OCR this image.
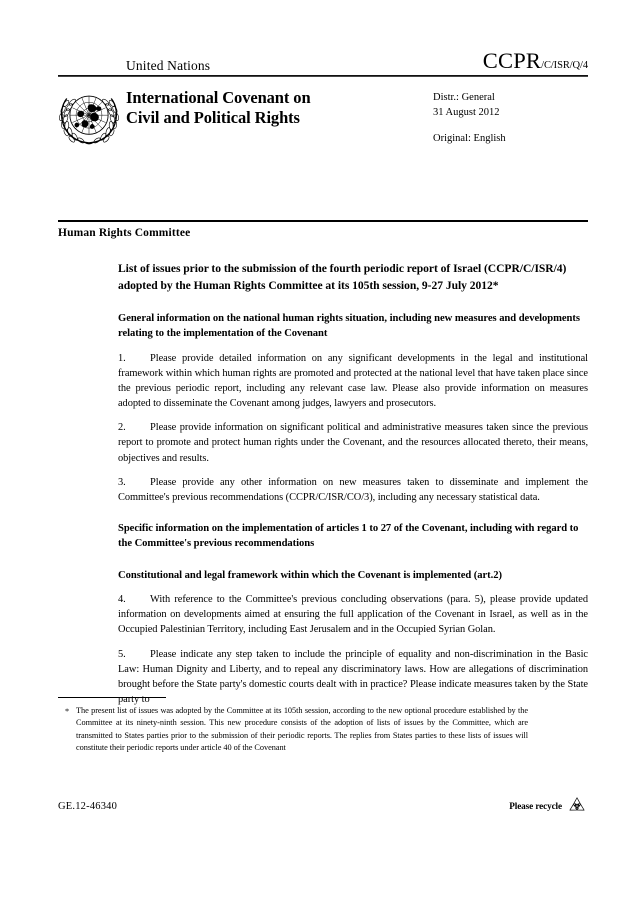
United Nations	CCPR/C/ISR/Q/4
International Covenant on
Civil and Political Rights
Distr.: General
31 August 2012
Original: English
Human Rights Committee
List of issues prior to the submission of the fourth periodic report of Israel (CCPR/C/ISR/4) adopted by the Human Rights Committee at its 105th session, 9-27 July 2012*
General information on the national human rights situation, including new measures and developments relating to the implementation of the Covenant

1. Please provide detailed information on any significant developments in the legal and institutional framework within which human rights are promoted and protected at the national level that have taken place since the previous periodic report, including any relevant case law. Please also provide information on measures adopted to disseminate the Covenant among judges, lawyers and prosecutors.

2. Please provide information on significant political and administrative measures taken since the previous report to promote and protect human rights under the Covenant, and the resources allocated thereto, their means, objectives and results.

3. Please provide any other information on new measures taken to disseminate and implement the Committee's previous recommendations (CCPR/C/ISR/CO/3), including any necessary statistical data.

Specific information on the implementation of articles 1 to 27 of the Covenant, including with regard to the Committee's previous recommendations
Constitutional and legal framework within which the Covenant is implemented (art.2)

4. With reference to the Committee's previous concluding observations (para. 5), please provide updated information on developments aimed at ensuring the full application of the Covenant in Israel, as well as in the Occupied Palestinian Territory, including East Jerusalem and in the Occupied Syrian Golan.

5. Please indicate any step taken to include the principle of equality and non-discrimination in the Basic Law: Human Dignity and Liberty, and to repeal any discriminatory laws. How are allegations of discrimination brought before the State party's domestic courts dealt with in practice? Please indicate measures taken by the State party to

* The present list of issues was adopted by the Committee at its 105th session, according to the new optional procedure established by the Committee at its ninety-ninth session. This new procedure consists of the adoption of lists of issues by the Committee, which are transmitted to States parties prior to the submission of their periodic reports. The replies from States parties to these lists of issues will constitute their periodic reports under article 40 of the Covenant
GE.12-46340	Please recycle
